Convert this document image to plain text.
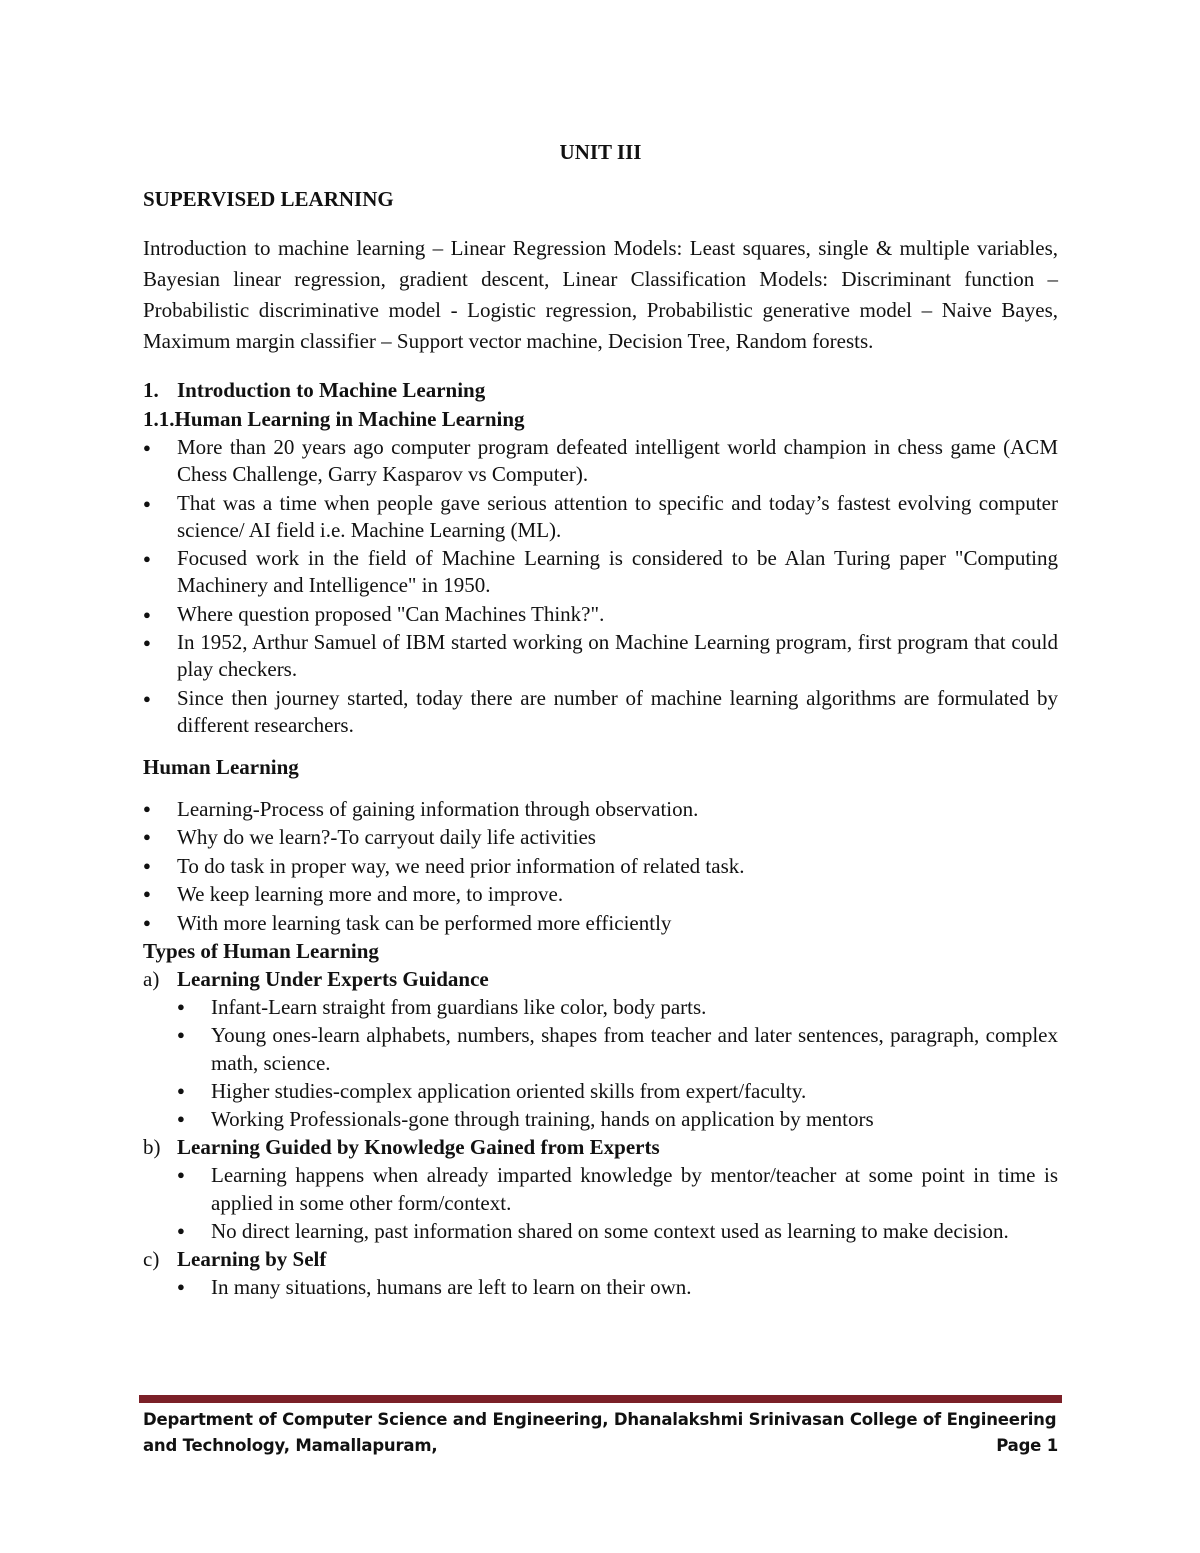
UNIT III

SUPERVISED LEARNING

Introduction to machine learning – Linear Regression Models: Least squares, single & multiple variables, Bayesian linear regression, gradient descent, Linear Classification Models: Discriminant function – Probabilistic discriminative model - Logistic regression, Probabilistic generative model – Naive Bayes, Maximum margin classifier – Support vector machine, Decision Tree, Random forests.

1. Introduction to Machine Learning

1.1.Human Learning in Machine Learning

● More than 20 years ago computer program defeated intelligent world champion in chess game (ACM Chess Challenge, Garry Kasparov vs Computer).
● That was a time when people gave serious attention to specific and today’s fastest evolving computer science/ AI field i.e. Machine Learning (ML).
● Focused work in the field of Machine Learning is considered to be Alan Turing paper "Computing Machinery and Intelligence" in 1950.
● Where question proposed "Can Machines Think?".
● In 1952, Arthur Samuel of IBM started working on Machine Learning program, first program that could play checkers.
● Since then journey started, today there are number of machine learning algorithms are formulated by different researchers.

Human Learning

● Learning-Process of gaining information through observation.
● Why do we learn?-To carryout daily life activities
● To do task in proper way, we need prior information of related task.
● We keep learning more and more, to improve.
● With more learning task can be performed more efficiently

Types of Human Learning

a) Learning Under Experts Guidance

● Infant-Learn straight from guardians like color, body parts.
● Young ones-learn alphabets, numbers, shapes from teacher and later sentences, paragraph, complex math, science.
● Higher studies-complex application oriented skills from expert/faculty.
● Working Professionals-gone through training, hands on application by mentors

b) Learning Guided by Knowledge Gained from Experts

● Learning happens when already imparted knowledge by mentor/teacher at some point in time is applied in some other form/context.
● No direct learning, past information shared on some context used as learning to make decision.

c) Learning by Self

● In many situations, humans are left to learn on their own.
Department of Computer Science and Engineering, Dhanalakshmi Srinivasan College of Engineering
and Technology, Mamallapuram,	Page 1
